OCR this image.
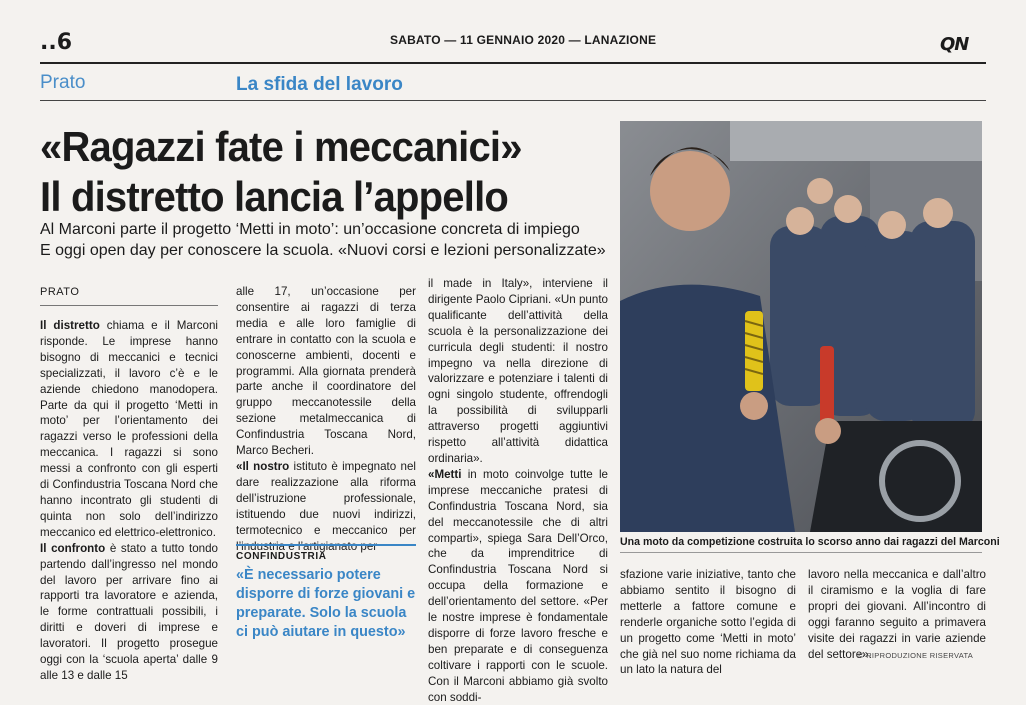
..6	SABATO — 11 GENNAIO 2020 — LANAZIONE	QN
Prato	La sfida del lavoro
«Ragazzi fate i meccanici»
Il distretto lancia l’appello
Al Marconi parte il progetto ‘Metti in moto’: un’occasione concreta di impiego
E oggi open day per conoscere la scuola. «Nuovi corsi e lezioni personalizzate»
PRATO

Il distretto chiama e il Marconi risponde. Le imprese hanno bisogno di meccanici e tecnici specializzati, il lavoro c’è e le aziende chiedono manodopera. Parte da qui il progetto ‘Metti in moto’ per l’orientamento dei ragazzi verso le professioni della meccanica. I ragazzi si sono messi a confronto con gli esperti di Confindustria Toscana Nord che hanno incontrato gli studenti di quinta non solo dell’indirizzo meccanico ed elettrico-elettronico.

Il confronto è stato a tutto tondo partendo dall’ingresso nel mondo del lavoro per arrivare fino ai rapporti tra lavoratore e azienda, le forme contrattuali possibili, i diritti e doveri di imprese e lavoratori. Il progetto prosegue oggi con la ‘scuola aperta’ dalle 9 alle 13 e dalle 15

alle 17, un’occasione per consentire ai ragazzi di terza media e alle loro famiglie di entrare in contatto con la scuola e conoscerne ambienti, docenti e programmi. Alla giornata prenderà parte anche il coordinatore del gruppo meccanotessile della sezione metalmeccanica di Confindustria Toscana Nord, Marco Becheri.

«Il nostro istituto è impegnato nel dare realizzazione alla riforma dell’istruzione professionale, istituendo due nuovi indirizzi, termotecnico e meccanico per l’industria e l’artigianato per

CONFINDUSTRIA
«È necessario potere disporre di forze giovani e preparate. Solo la scuola ci può aiutare in questo»

il made in Italy», interviene il dirigente Paolo Cipriani. «Un punto qualificante dell’attività della scuola è la personalizzazione dei curricula degli studenti: il nostro impegno va nella direzione di valorizzare e potenziare i talenti di ogni singolo studente, offrendogli la possibilità di svilupparli attraverso progetti aggiuntivi rispetto all’attività didattica ordinaria».

«Metti in moto coinvolge tutte le imprese meccaniche pratesi di Confindustria Toscana Nord, sia del meccanotessile che di altri comparti», spiega Sara Dell’Orco, che da imprenditrice di Confindustria Toscana Nord si occupa della formazione e dell’orientamento del settore. «Per le nostre imprese è fondamentale disporre di forze lavoro fresche e ben preparate e di conseguenza coltivare i rapporti con le scuole. Con il Marconi abbiamo già svolto con soddi-

Una moto da competizione costruita lo scorso anno dai ragazzi del Marconi
sfazione varie iniziative, tanto che abbiamo sentito il bisogno di metterle a fattore comune e renderle organiche sotto l’egida di un progetto come ‘Metti in moto’ che già nel suo nome richiama da un lato la natura del
lavoro nella meccanica e dall’altro il ciramismo e la voglia di fare propri dei giovani. All’incontro di oggi faranno seguito a primavera visite dei ragazzi in varie aziende del settore».
© RIPRODUZIONE RISERVATA
